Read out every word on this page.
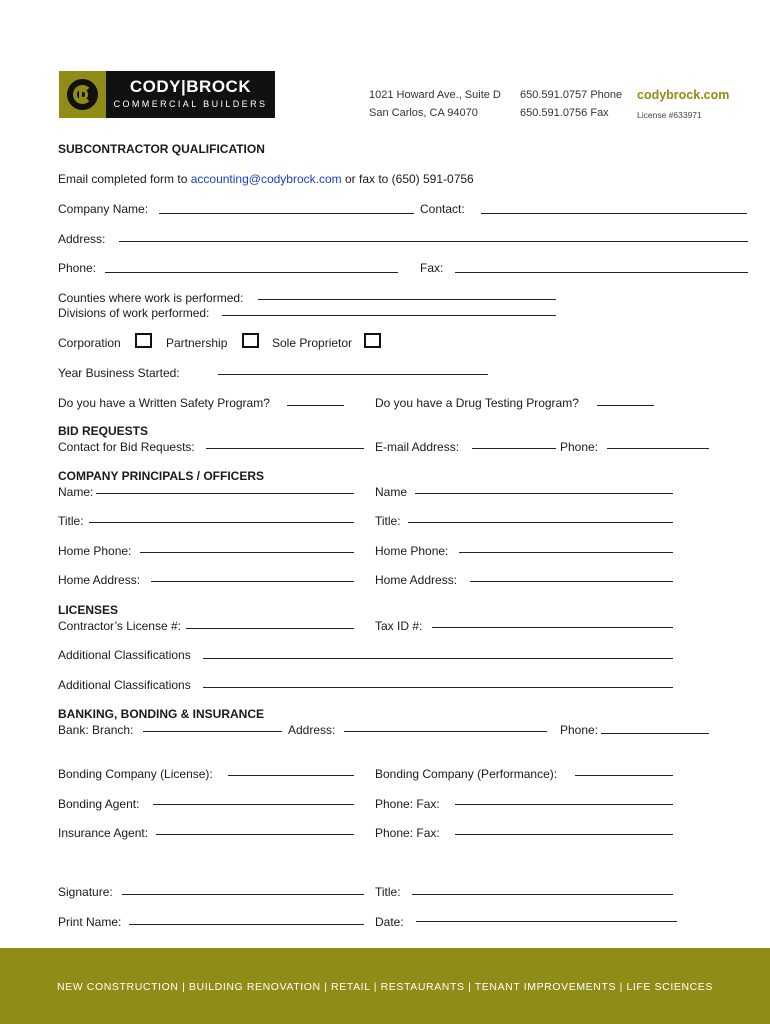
CODY|BROCK
COMMERCIAL BUILDERS
1021 Howard Ave., Suite D
San Carlos, CA 94070
650.591.0757 Phone
650.591.0756 Fax
codybrock.com
License #633971
SUBCONTRACTOR QUALIFICATION
Email completed form to accounting@codybrock.com or fax to (650) 591-0756
Company Name:	Contact:
Address:
Phone:	Fax:
Counties where work is performed:
Divisions of work performed:
Corporation	Partnership	Sole Proprietor
Year Business Started:
Do you have a Written Safety Program?	Do you have a Drug Testing Program?
BID REQUESTS
Contact for Bid Requests:	E-mail Address:	Phone:
COMPANY PRINCIPALS / OFFICERS
Name:	Name
Title:	Title:
Home Phone:	Home Phone:
Home Address:	Home Address:
LICENSES
Contractor’s License #:	Tax ID #:
Additional Classifications
Additional Classifications
BANKING, BONDING & INSURANCE
Bank: Branch:	Address:	Phone:
Bonding Company (License):	Bonding Company (Performance):
Bonding Agent:	Phone: Fax:
Insurance Agent:	Phone: Fax:
Signature:	Title:
Print Name:	Date:
NEW CONSTRUCTION | BUILDING RENOVATION | RETAIL | RESTAURANTS | TENANT IMPROVEMENTS | LIFE SCIENCES
